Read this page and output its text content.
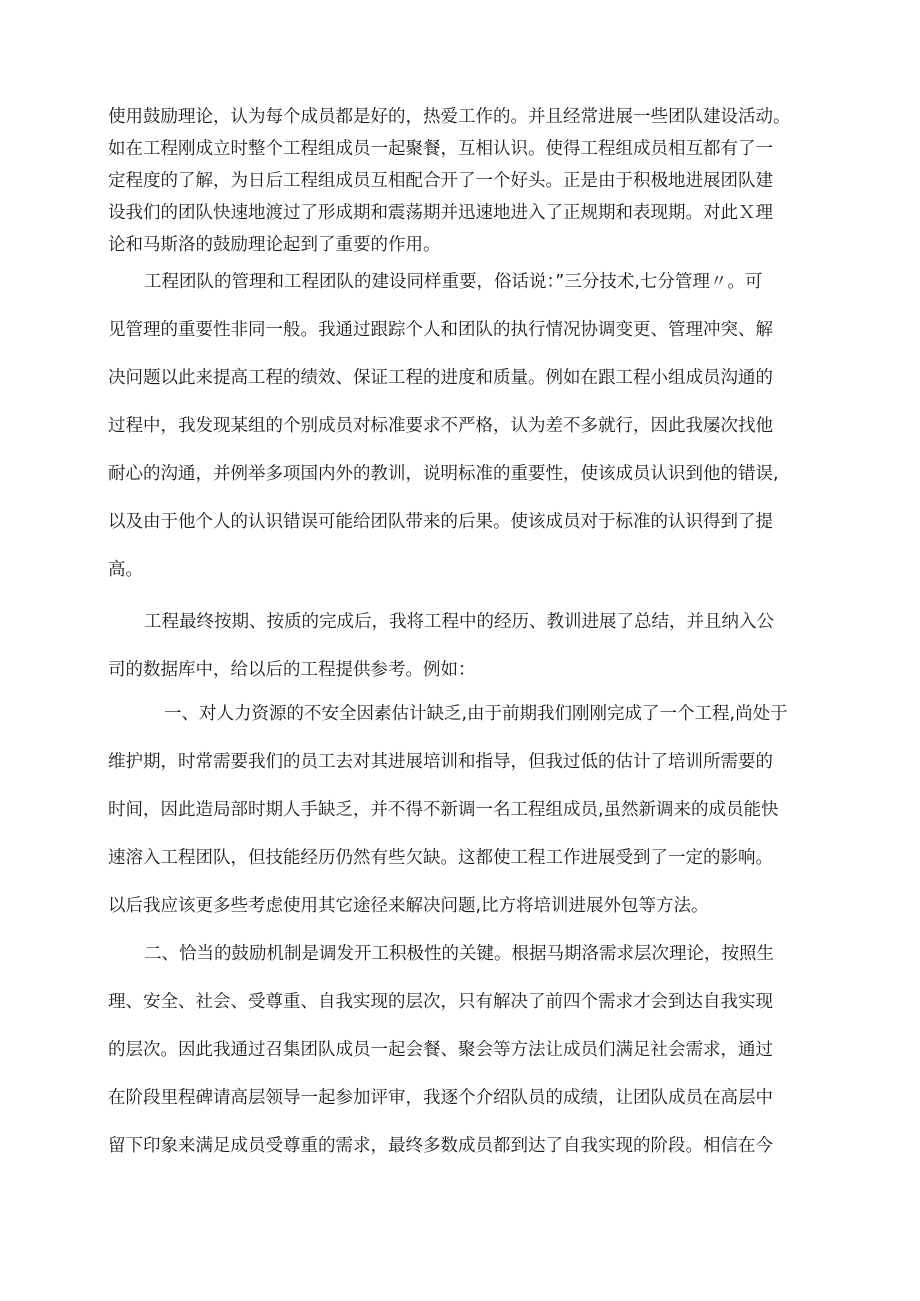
使用鼓励理论，认为每个成员都是好的，热爱工作的。并且经常进展一些团队建设活动。
如在工程刚成立时整个工程组成员一起聚餐，互相认识。使得工程组成员相互都有了一
定程度的了解，为日后工程组成员互相配合开了一个好头。正是由于积极地进展团队建
设我们的团队快速地渡过了形成期和震荡期并迅速地进入了正规期和表现期。对此Ｘ理
论和马斯洛的鼓励理论起到了重要的作用。
工程团队的管理和工程团队的建设同样重要，俗话说：”三分技术,七分管理〃。可
见管理的重要性非同一般。我通过跟踪个人和团队的执行情况协调变更、管理冲突、解
决问题以此来提高工程的绩效、保证工程的进度和质量。例如在跟工程小组成员沟通的
过程中，我发现某组的个别成员对标准要求不严格，认为差不多就行，因此我屡次找他
耐心的沟通，并例举多项国内外的教训，说明标准的重要性，使该成员认识到他的错误,
以及由于他个人的认识错误可能给团队带来的后果。使该成员对于标准的认识得到了提
高。
工程最终按期、按质的完成后，我将工程中的经历、教训进展了总结，并且纳入公
司的数据库中，给以后的工程提供参考。例如：
一、对人力资源的不安全因素估计缺乏,由于前期我们刚刚完成了一个工程,尚处于
维护期，时常需要我们的员工去对其进展培训和指导，但我过低的估计了培训所需要的
时间，因此造局部时期人手缺乏，并不得不新调一名工程组成员,虽然新调来的成员能快
速溶入工程团队，但技能经历仍然有些欠缺。这都使工程工作进展受到了一定的影响。
以后我应该更多些考虑使用其它途径来解决问题,比方将培训进展外包等方法。
二、恰当的鼓励机制是调发开工积极性的关键。根据马期洛需求层次理论，按照生
理、安全、社会、受尊重、自我实现的层次，只有解决了前四个需求才会到达自我实现
的层次。因此我通过召集团队成员一起会餐、聚会等方法让成员们满足社会需求，通过
在阶段里程碑请高层领导一起参加评审，我逐个介绍队员的成绩，让团队成员在高层中
留下印象来满足成员受尊重的需求，最终多数成员都到达了自我实现的阶段。相信在今
